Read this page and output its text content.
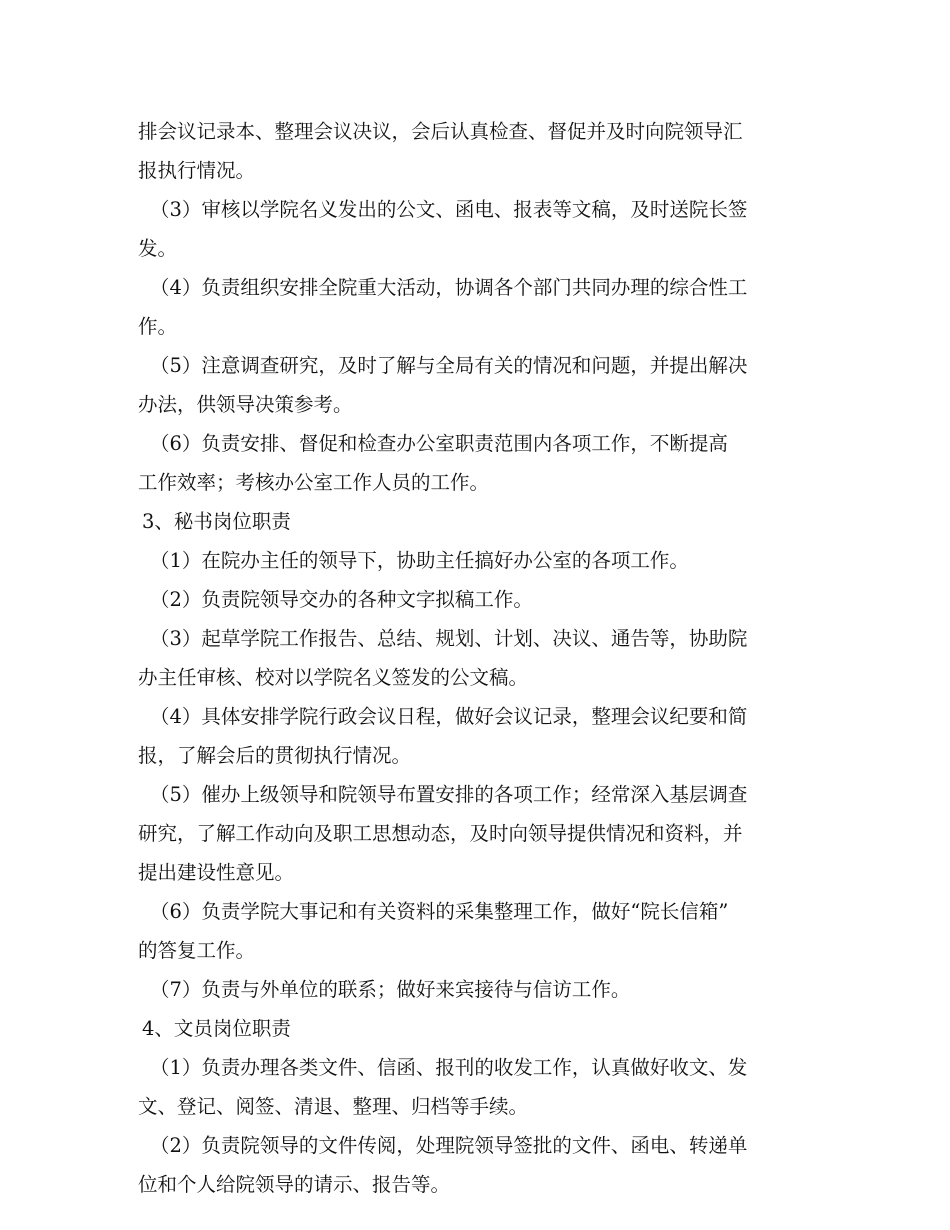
排会议记录本、整理会议决议，会后认真检查、督促并及时向院领导汇
报执行情况。
（3）审核以学院名义发出的公文、函电、报表等文稿，及时送院长签
发。
（4）负责组织安排全院重大活动，协调各个部门共同办理的综合性工
作。
（5）注意调查研究，及时了解与全局有关的情况和问题，并提出解决
办法，供领导决策参考。
（6）负责安排、督促和检查办公室职责范围内各项工作，不断提高
工作效率；考核办公室工作人员的工作。
3、秘书岗位职责
（1）在院办主任的领导下，协助主任搞好办公室的各项工作。
（2）负责院领导交办的各种文字拟稿工作。
（3）起草学院工作报告、总结、规划、计划、决议、通告等，协助院
办主任审核、校对以学院名义签发的公文稿。
（4）具体安排学院行政会议日程，做好会议记录，整理会议纪要和简
报，了解会后的贯彻执行情况。
（5）催办上级领导和院领导布置安排的各项工作；经常深入基层调查
研究，了解工作动向及职工思想动态，及时向领导提供情况和资料，并
提出建设性意见。
（6）负责学院大事记和有关资料的采集整理工作，做好“院长信箱”
的答复工作。
（7）负责与外单位的联系；做好来宾接待与信访工作。
4、文员岗位职责
（1）负责办理各类文件、信函、报刊的收发工作，认真做好收文、发
文、登记、阅签、清退、整理、归档等手续。
（2）负责院领导的文件传阅，处理院领导签批的文件、函电、转递单
位和个人给院领导的请示、报告等。
